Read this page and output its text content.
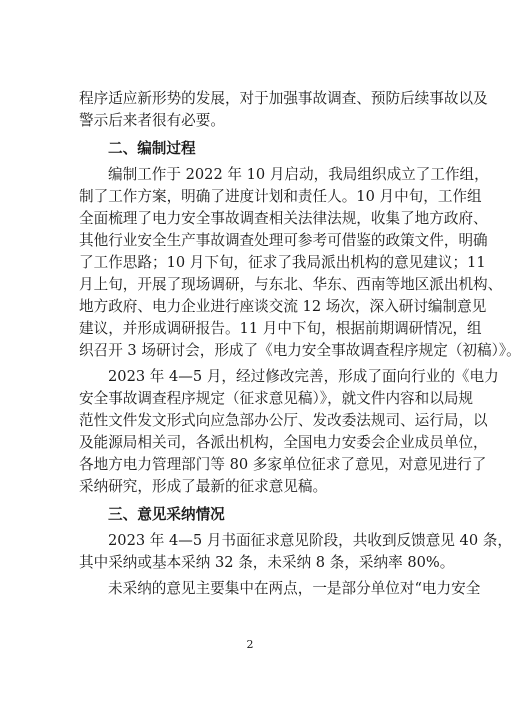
程序适应新形势的发展，对于加强事故调查、预防后续事故以及
警示后来者很有必要。
二、编制过程
编制工作于 2022 年 10 月启动，我局组织成立了工作组，
制了工作方案，明确了进度计划和责任人。10 月中旬，工作组
全面梳理了电力安全事故调查相关法律法规，收集了地方政府、
其他行业安全生产事故调查处理可参考可借鉴的政策文件，明确
了工作思路；10 月下旬，征求了我局派出机构的意见建议；11
月上旬，开展了现场调研，与东北、华东、西南等地区派出机构、
地方政府、电力企业进行座谈交流 12 场次，深入研讨编制意见
建议，并形成调研报告。11 月中下旬，根据前期调研情况，组
织召开 3 场研讨会，形成了《电力安全事故调查程序规定（初稿）》。
2023 年 4—5 月，经过修改完善，形成了面向行业的《电力
安全事故调查程序规定（征求意见稿）》，就文件内容和以局规
范性文件发文形式向应急部办公厅、发改委法规司、运行局，以
及能源局相关司，各派出机构，全国电力安委会企业成员单位，
各地方电力管理部门等 80 多家单位征求了意见，对意见进行了
采纳研究，形成了最新的征求意见稿。
三、意见采纳情况
2023 年 4—5 月书面征求意见阶段，共收到反馈意见 40 条，
其中采纳或基本采纳 32 条，未采纳 8 条，采纳率 80%。
未采纳的意见主要集中在两点，一是部分单位对“电力安全
2
